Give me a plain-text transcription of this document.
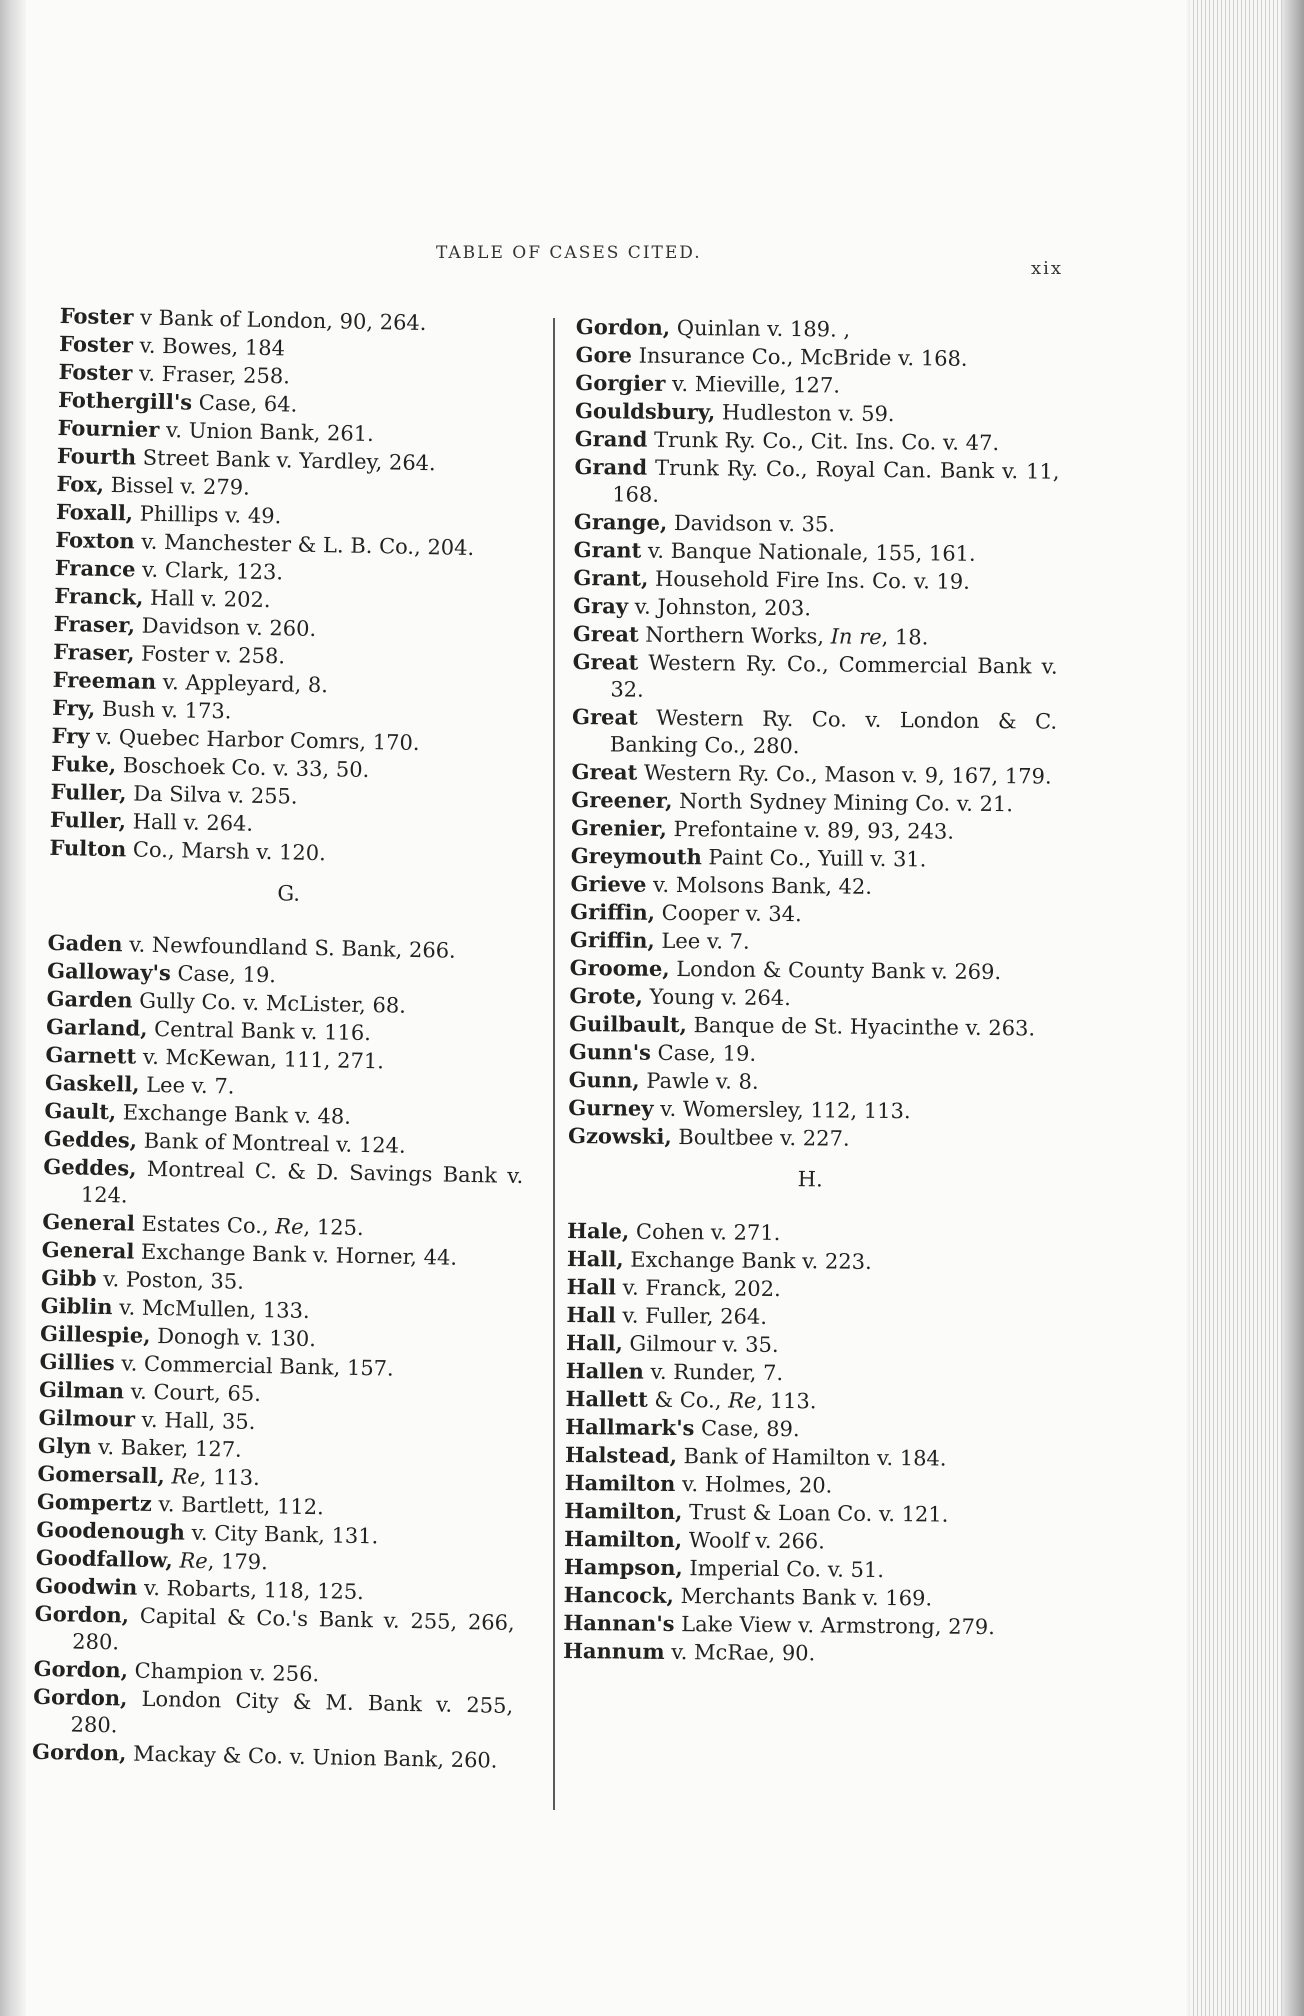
TABLE OF CASES CITED.
xix
Foster v Bank of London, 90, 264.
Foster v. Bowes, 184
Foster v. Fraser, 258.
Fothergill's Case, 64.
Fournier v. Union Bank, 261.
Fourth Street Bank v. Yardley, 264.
Fox, Bissel v. 279.
Foxall, Phillips v. 49.
Foxton v. Manchester & L. B. Co., 204.
France v. Clark, 123.
Franck, Hall v. 202.
Fraser, Davidson v. 260.
Fraser, Foster v. 258.
Freeman v. Appleyard, 8.
Fry, Bush v. 173.
Fry v. Quebec Harbor Comrs, 170.
Fuke, Boschoek Co. v. 33, 50.
Fuller, Da Silva v. 255.
Fuller, Hall v. 264.
Fulton Co., Marsh v. 120.
G.
Gaden v. Newfoundland S. Bank, 266.
Galloway's Case, 19.
Garden Gully Co. v. McLister, 68.
Garland, Central Bank v. 116.
Garnett v. McKewan, 111, 271.
Gaskell, Lee v. 7.
Gault, Exchange Bank v. 48.
Geddes, Bank of Montreal v. 124.
Geddes, Montreal C. & D. Savings Bank v. 124.
General Estates Co., Re, 125.
General Exchange Bank v. Horner, 44.
Gibb v. Poston, 35.
Giblin v. McMullen, 133.
Gillespie, Donogh v. 130.
Gillies v. Commercial Bank, 157.
Gilman v. Court, 65.
Gilmour v. Hall, 35.
Glyn v. Baker, 127.
Gomersall, Re, 113.
Gompertz v. Bartlett, 112.
Goodenough v. City Bank, 131.
Goodfallow, Re, 179.
Goodwin v. Robarts, 118, 125.
Gordon, Capital & Co.'s Bank v. 255, 266, 280.
Gordon, Champion v. 256.
Gordon, London City & M. Bank v. 255, 280.
Gordon, Mackay & Co. v. Union Bank, 260.
Gordon, Quinlan v. 189. ,
Gore Insurance Co., McBride v. 168.
Gorgier v. Mieville, 127.
Gouldsbury, Hudleston v. 59.
Grand Trunk Ry. Co., Cit. Ins. Co. v. 47.
Grand Trunk Ry. Co., Royal Can. Bank v. 11, 168.
Grange, Davidson v. 35.
Grant v. Banque Nationale, 155, 161.
Grant, Household Fire Ins. Co. v. 19.
Gray v. Johnston, 203.
Great Northern Works, In re, 18.
Great Western Ry. Co., Commercial Bank v. 32.
Great Western Ry. Co. v. London & C. Banking Co., 280.
Great Western Ry. Co., Mason v. 9, 167, 179.
Greener, North Sydney Mining Co. v. 21.
Grenier, Prefontaine v. 89, 93, 243.
Greymouth Paint Co., Yuill v. 31.
Grieve v. Molsons Bank, 42.
Griffin, Cooper v. 34.
Griffin, Lee v. 7.
Groome, London & County Bank v. 269.
Grote, Young v. 264.
Guilbault, Banque de St. Hyacinthe v. 263.
Gunn's Case, 19.
Gunn, Pawle v. 8.
Gurney v. Womersley, 112, 113.
Gzowski, Boultbee v. 227.
H.
Hale, Cohen v. 271.
Hall, Exchange Bank v. 223.
Hall v. Franck, 202.
Hall v. Fuller, 264.
Hall, Gilmour v. 35.
Hallen v. Runder, 7.
Hallett & Co., Re, 113.
Hallmark's Case, 89.
Halstead, Bank of Hamilton v. 184.
Hamilton v. Holmes, 20.
Hamilton, Trust & Loan Co. v. 121.
Hamilton, Woolf v. 266.
Hampson, Imperial Co. v. 51.
Hancock, Merchants Bank v. 169.
Hannan's Lake View v. Armstrong, 279.
Hannum v. McRae, 90.
